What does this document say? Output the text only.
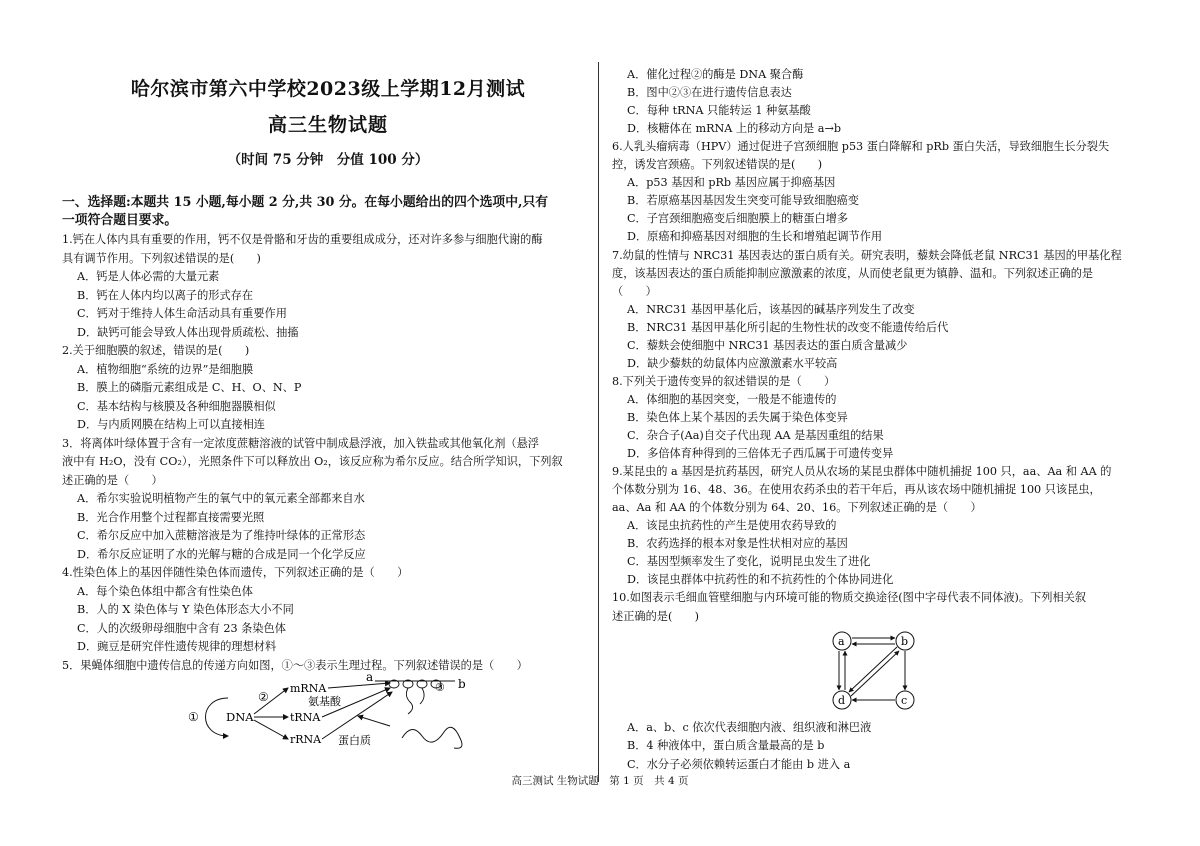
哈尔滨市第六中学校2023级上学期12月测试
高三生物试题
（时间 75 分钟　分值 100 分）
一、选择题:本题共 15 小题,每小题 2 分,共 30 分。在每小题给出的四个选项中,只有
一项符合题目要求。
1.钙在人体内具有重要的作用，钙不仅是骨骼和牙齿的重要组成成分，还对许多参与细胞代谢的酶
具有调节作用。下列叙述错误的是(　　)
A．钙是人体必需的大量元素
B．钙在人体内均以离子的形式存在
C．钙对于维持人体生命活动具有重要作用
D．缺钙可能会导致人体出现骨质疏松、抽搐
2.关于细胞膜的叙述，错误的是(　　)
A．植物细胞“系统的边界”是细胞膜
B．膜上的磷脂元素组成是 C、H、O、N、P
C．基本结构与核膜及各种细胞器膜相似
D．与内质网膜在结构上可以直接相连
3．将离体叶绿体置于含有一定浓度蔗糖溶液的试管中制成悬浮液，加入铁盐或其他氧化剂（悬浮
液中有 H₂O，没有 CO₂），光照条件下可以释放出 O₂，该反应称为希尔反应。结合所学知识，下列叙
述正确的是（　　）
A．希尔实验说明植物产生的氧气中的氧元素全部都来自水
B．光合作用整个过程都直接需要光照
C．希尔反应中加入蔗糖溶液是为了维持叶绿体的正常形态
D．希尔反应证明了水的光解与糖的合成是同一个化学反应
4.性染色体上的基因伴随性染色体而遗传，下列叙述正确的是（　　）
A．每个染色体组中都含有性染色体
B．人的 X 染色体与 Y 染色体形态大小不同
C．人的次级卵母细胞中含有 23 条染色体
D．豌豆是研究伴性遗传规律的理想材料
5．果蝇体细胞中遗传信息的传递方向如图，①～③表示生理过程。下列叙述错误的是（　　）
① DNA
②
mRNA
tRNA
rRNA
氨基酸
a	b
③
蛋白质
A．催化过程②的酶是 DNA 聚合酶
B．图中②③在进行遗传信息表达
C．每种 tRNA 只能转运 1 种氨基酸
D．核糖体在 mRNA 上的移动方向是 a→b
6.人乳头瘤病毒（HPV）通过促进子宫颈细胞 p53 蛋白降解和 pRb 蛋白失活，导致细胞生长分裂失
控，诱发宫颈癌。下列叙述错误的是(　　)
A．p53 基因和 pRb 基因应属于抑癌基因
B．若原癌基因基因发生突变可能导致细胞癌变
C．子宫颈细胞癌变后细胞膜上的糖蛋白增多
D．原癌和抑癌基因对细胞的生长和增殖起调节作用
7.幼鼠的性情与 NRC31 基因表达的蛋白质有关。研究表明，藜麸会降低老鼠 NRC31 基因的甲基化程
度，该基因表达的蛋白质能抑制应激激素的浓度，从而使老鼠更为镇静、温和。下列叙述正确的是
（　　）
A．NRC31 基因甲基化后，该基因的碱基序列发生了改变
B．NRC31 基因甲基化所引起的生物性状的改变不能遗传给后代
C．藜麸会使细胞中 NRC31 基因表达的蛋白质含量减少
D．缺少藜麸的幼鼠体内应激激素水平较高
8.下列关于遗传变异的叙述错误的是（　　）
A．体细胞的基因突变，一般是不能遗传的
B．染色体上某个基因的丢失属于染色体变异
C．杂合子(Aa)自交子代出现 AA 是基因重组的结果
D．多倍体育种得到的三倍体无子西瓜属于可遗传变异
9.某昆虫的 a 基因是抗药基因，研究人员从农场的某昆虫群体中随机捕捉 100 只，aa、Aa 和 AA 的
个体数分别为 16、48、36。在使用农药杀虫的若干年后，再从该农场中随机捕捉 100 只该昆虫，
aa、Aa 和 AA 的个体数分别为 64、20、16。下列叙述正确的是（　　）
A．该昆虫抗药性的产生是使用农药导致的
B．农药选择的根本对象是性状相对应的基因
C．基因型频率发生了变化，说明昆虫发生了进化
D．该昆虫群体中抗药性的和不抗药性的个体协同进化
10.如图表示毛细血管壁细胞与内环境可能的物质交换途径(图中字母代表不同体液)。下列相关叙
述正确的是(　　)
a	b
d	c
A．a、b、c 依次代表细胞内液、组织液和淋巴液
B．4 种液体中，蛋白质含量最高的是 b
C．水分子必须依赖转运蛋白才能由 b 进入 a
高三测试 生物试题　第 1 页　共 4 页
